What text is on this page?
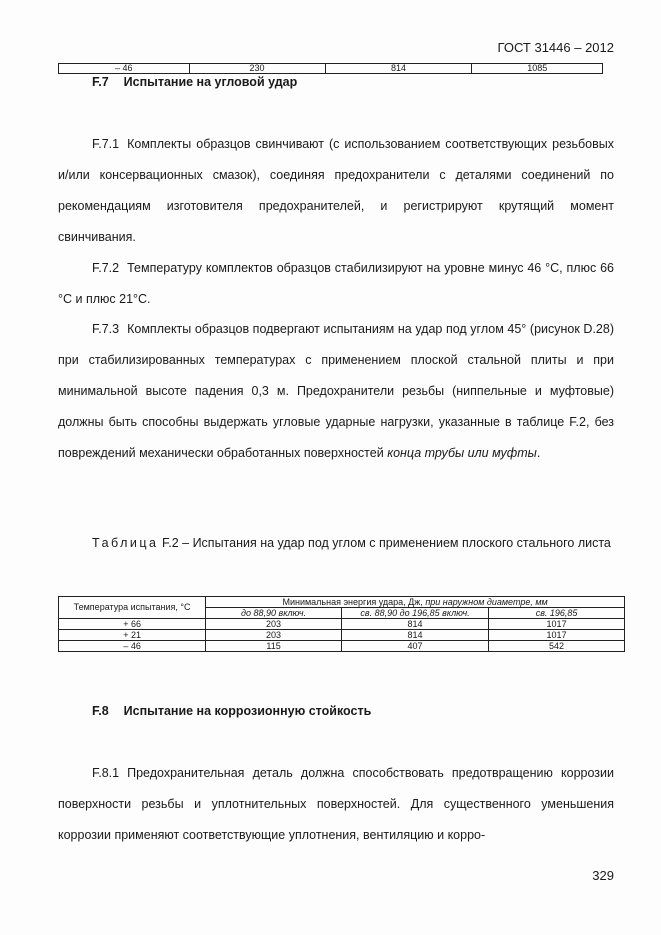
ГОСТ 31446 – 2012
– 46	230	814	1085
F.7 Испытание на угловой удар

F.7.1 Комплекты образцов свинчивают (с использованием соответствующих резьбовых и/или консервационных смазок), соединяя предохранители с деталями соединений по рекомендациям изготовителя предохранителей, и регистрируют крутящий момент свинчивания.

F.7.2 Температуру комплектов образцов стабилизируют на уровне минус 46 °C, плюс 66 °C и плюс 21°C.

F.7.3 Комплекты образцов подвергают испытаниям на удар под углом 45° (рисунок D.28) при стабилизированных температурах с применением плоской стальной плиты и при минимальной высоте падения 0,3 м. Предохранители резьбы (ниппельные и муфтовые) должны быть способны выдержать угловые ударные нагрузки, указанные в таблице F.2, без повреждений механически обработанных поверхностей конца трубы или муфты.

Таблица F.2 – Испытания на удар под углом с применением плоского стального листа
Температура испытания, °C	Минимальная энергия удара, Дж, при наружном диаметре, мм		
	до 88,90 включ.	св. 88,90 до 196,85 включ.	св. 196,85
+ 66	203	814	1017
+ 21	203	814	1017
– 46	115	407	542
F.8 Испытание на коррозионную стойкость

F.8.1 Предохранительная деталь должна способствовать предотвращению коррозии поверхности резьбы и уплотнительных поверхностей. Для существенного уменьшения коррозии применяют соответствующие уплотнения, вентиляцию и корро-

329
